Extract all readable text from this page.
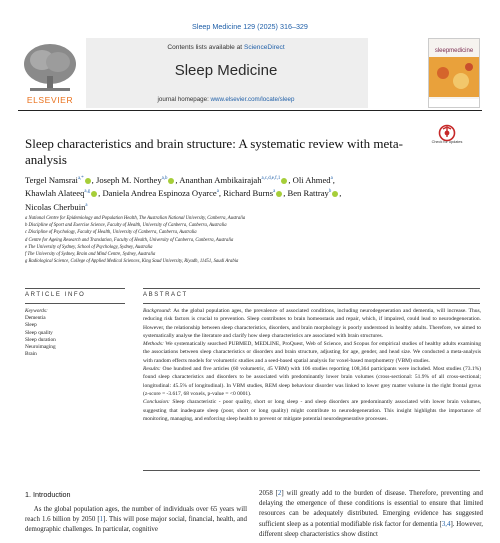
Sleep Medicine 129 (2025) 316–329
ELSEVIER
Contents lists available at ScienceDirect
Sleep Medicine
journal homepage: www.elsevier.com/locate/sleep
sleepmedicine
Sleep characteristics and brain structure: A systematic review with meta-analysis
Check for updates
Tergel Namsrai$^{a,*}$ , Joseph M. Northey$^{a,b}$ , Ananthan Ambikairajah$^{a,c,d,e,f,1}$ , Oli Ahmed$^a$,
Khawlah Alateeq$^{a,g}$ , Daniela Andrea Espinoza Oyarce$^a$, Richard Burns$^a$ , Ben Rattray$^b$ ,
Nicolas Cherbuin$^a$
a National Centre for Epidemiology and Population Health, The Australian National University, Canberra, Australia
b Discipline of Sport and Exercise Science, Faculty of Health, University of Canberra, Canberra, Australia
c Discipline of Psychology, Faculty of Health, University of Canberra, Canberra, Australia
d Centre for Ageing Research and Translation, Faculty of Health, University of Canberra, Canberra, Australia
e The University of Sydney, School of Psychology, Sydney, Australia
f The University of Sydney, Brain and Mind Centre, Sydney, Australia
g Radiological Science, College of Applied Medical Sciences, King Saud University, Riyadh, 11451, Saudi Arabia
ARTICLE INFO	ABSTRACT
Keywords:
Dementia
Sleep
Sleep quality
Sleep duration
Neuroimaging
Brain

Background: As the global population ages, the prevalence of associated conditions, including neurodegeneration and dementia, will increase. Thus, reducing risk factors is crucial to prevention. Sleep contributes to brain homeostasis and repair, which, if impaired, could lead to neurodegeneration. However, the relationship between sleep characteristics, disorders, and brain morphology is poorly understood in healthy adults. Therefore, we aimed to systematically analyse the literature and clarify how sleep characteristics are associated with brain structures.

Methods: We systematically searched PUBMED, MEDLINE, ProQuest, Web of Science, and Scopus for empirical studies of healthy adults examining the associations between sleep characteristics or disorders and brain structure, adjusting for age, gender, and head size. We conducted a meta-analysis with random effects models for volumetric studies and a seed-based spatial analysis for voxel-based morphometry (VBM) studies.

Results: One hundred and five articles (60 volumetric, 45 VBM) with 106 studies reporting 108,364 participants were included. Most studies (73.1%) found sleep characteristics and disorders to be associated with predominantly lower brain volumes (cross-sectional: 51.9% of all cross-sectional; longitudinal: 45.5% of longitudinal). In VBM studies, REM sleep behaviour disorder was linked to lower grey matter volume in the right frontal gyrus (z-score = -3.617, 68 voxels, p-value = <0 0001).

Conclusion: Sleep characteristic - poor quality, short or long sleep - and sleep disorders are predominantly associated with lower brain volumes, suggesting that inadequate sleep (poor, short or long quality) might contribute to neurodegeneration. This insight highlights the importance of monitoring, managing, and enforcing sleep health to prevent or mitigate potential neurodegenerative processes.

1. Introduction
As the global population ages, the number of individuals over 65 years will reach 1.6 billion by 2050 [1]. This will pose major social, financial, health, and demographic challenges. In particular, cognitive
2058 [2] will greatly add to the burden of disease. Therefore, preventing and delaying the emergence of these conditions is essential to ensure that limited resources can be adequately distributed. Emerging evidence has suggested sufficient sleep as a potential modifiable risk factor for dementia [3,4]. However, different sleep characteristics show distinct
